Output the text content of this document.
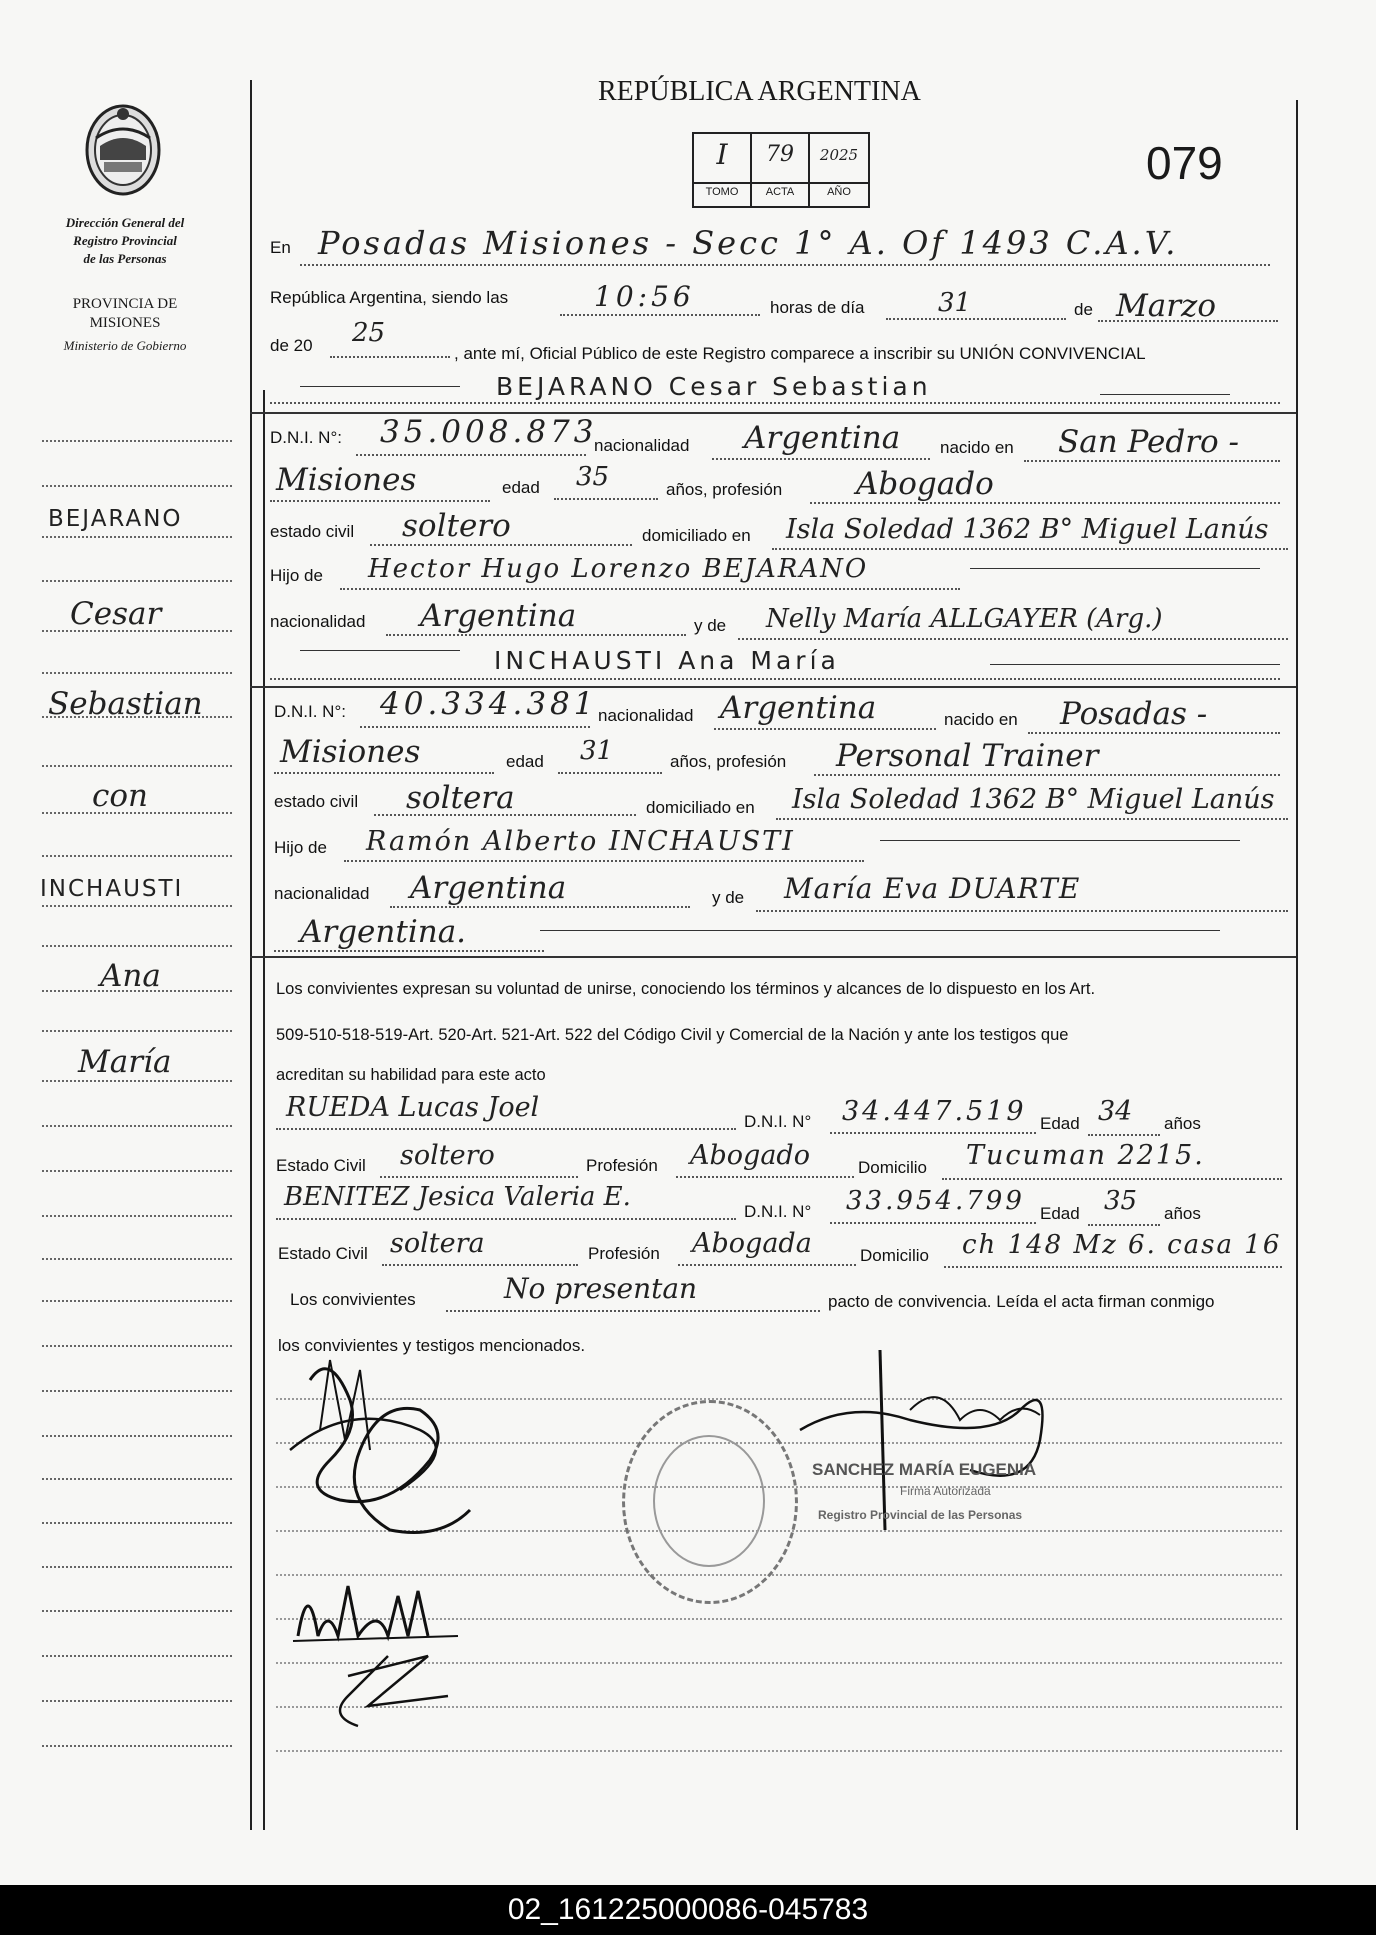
Dirección General del
Registro Provincial
de las Personas
PROVINCIA DE
MISIONES
Ministerio de Gobierno
BEJARANO
Cesar
Sebastian
con
INCHAUSTI
Ana
María
REPÚBLICA ARGENTINA
I	79	2025
TOMO	ACTA	AÑO
079
En Posadas Misiones - Secc 1° A. Of 1493 C.A.V.
República Argentina, siendo las	10:56	horas de día	31	de Marzo
de 20 25
, ante mí, Oficial Público de este Registro comparece a inscribir su UNIÓN CONVIVENCIAL
BEJARANO Cesar Sebastian
D.N.I. N°: 35.008.873
nacionalidad Argentina nacido en San Pedro -
Misiones	edad 35	años, profesión Abogado
estado civil soltero	domiciliado en Isla Soledad 1362 B° Miguel Lanús
Hijo de Hector Hugo Lorenzo BEJARANO
nacionalidad Argentina	y de Nelly María ALLGAYER (Arg.)
INCHAUSTI Ana María
D.N.I. N°: 40.334.381 nacionalidad Argentina	nacido en Posadas -
Misiones	edad 31	años, profesión Personal Trainer
estado civil soltera	domiciliado en Isla Soledad 1362 B° Miguel Lanús
Hijo de Ramón Alberto INCHAUSTI
nacionalidad Argentina	y de María Eva DUARTE
Argentina.
Los convivientes expresan su voluntad de unirse, conociendo los términos y alcances de lo dispuesto en los Art.
509-510-518-519-Art. 520-Art. 521-Art. 522 del Código Civil y Comercial de la Nación y ante los testigos que
acreditan su habilidad para este acto
RUEDA Lucas Joel	D.N.I. N° 34.447.519 Edad 34 años
Estado Civil soltero	Profesión Abogado	Domicilio Tucuman 2215.
BENITEZ Jesica Valeria E.	D.N.I. N° 33.954.799 Edad 35 años
Estado Civil soltera	Profesión Abogada	Domicilio ch 148 Mz 6. casa 16
Los convivientes	No presentan	pacto de convivencia. Leída el acta firman conmigo
los convivientes y testigos mencionados.
SANCHEZ MARÍA EUGENIA
Firma Autorizada
Registro Provincial de las Personas
02_161225000086-045783
